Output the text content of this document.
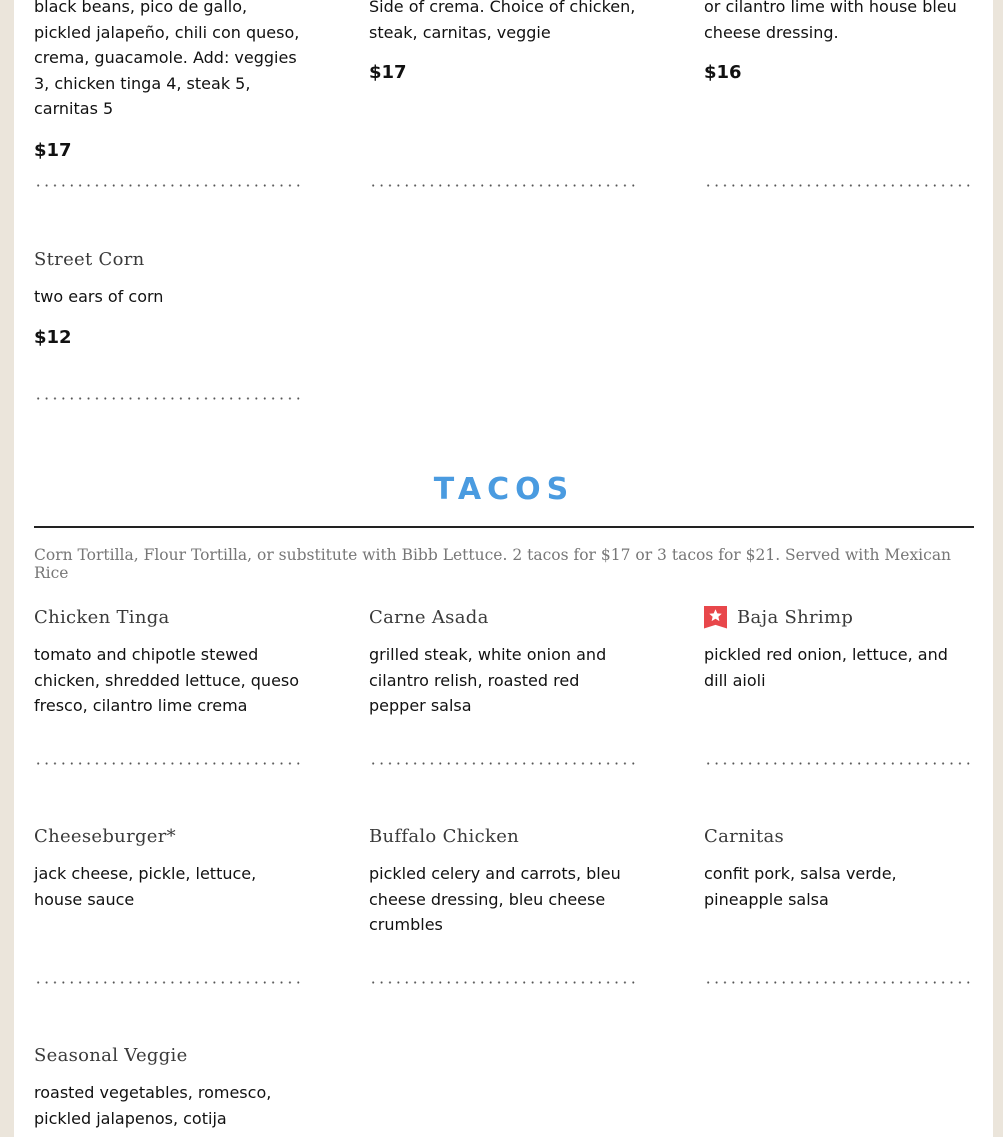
black beans, pico de gallo, pickled jalapeño, chili con queso, crema, guacamole. Add: veggies 3, chicken tinga 4, steak 5, carnitas 5
$17
Side of crema. Choice of chicken, steak, carnitas, veggie
$17
or cilantro lime with house bleu cheese dressing.
$16
Street Corn
two ears of corn
$12
TACOS
Corn Tortilla, Flour Tortilla, or substitute with Bibb Lettuce. 2 tacos for $17 or 3 tacos for $21. Served with Mexican Rice
Chicken Tinga
tomato and chipotle stewed chicken, shredded lettuce, queso fresco, cilantro lime crema
Carne Asada
grilled steak, white onion and cilantro relish, roasted red pepper salsa
Baja Shrimp
pickled red onion, lettuce, and dill aioli
Cheeseburger*
jack cheese, pickle, lettuce, house sauce
Buffalo Chicken
pickled celery and carrots, bleu cheese dressing, bleu cheese crumbles
Carnitas
confit pork, salsa verde, pineapple salsa
Seasonal Veggie
roasted vegetables, romesco, pickled jalapenos, cotija
